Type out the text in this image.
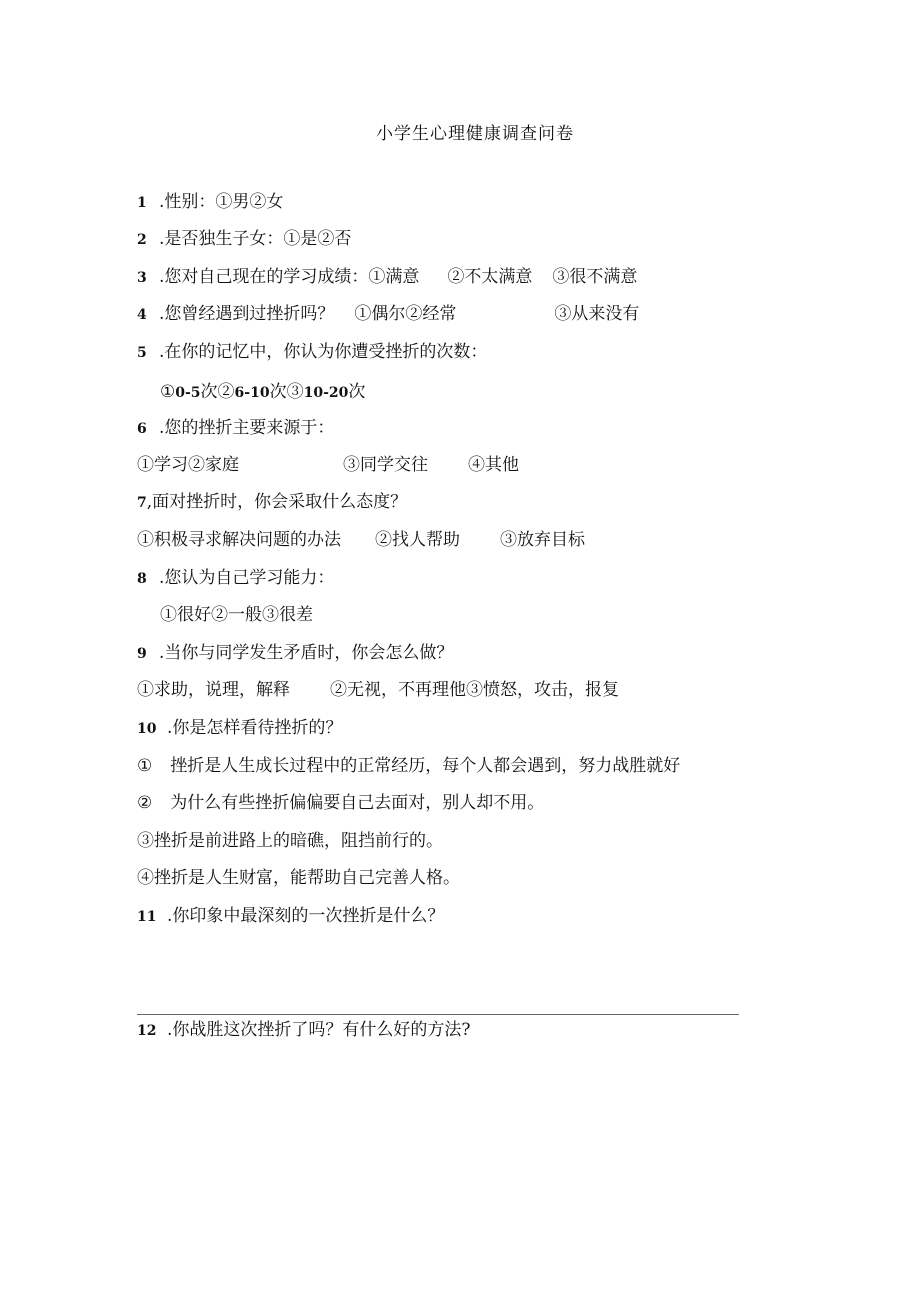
小学生心理健康调查问卷
1 .性别：①男②女
2 .是否独生子女：①是②否
3 .您对自己现在的学习成绩：①满意 ②不太满意 ③很不满意
4 .您曾经遇到过挫折吗？ ①偶尔②经常	③从来没有
5 .在你的记忆中，你认为你遭受挫折的次数：
①0-5次②6-10次③10-20次
6 .您的挫折主要来源于：
①学习②家庭	③同学交往 ④其他
7,面对挫折时，你会采取什么态度？
①积极寻求解决问题的办法 ②找人帮助 ③放弃目标
8 .您认为自己学习能力：
①很好②一般③很差
9 .当你与同学发生矛盾时，你会怎么做？
①求助，说理，解释 ②无视，不再理他③愤怒，攻击，报复
10 .你是怎样看待挫折的？
① 挫折是人生成长过程中的正常经历，每个人都会遇到，努力战胜就好
② 为什么有些挫折偏偏要自己去面对，别人却不用。
③挫折是前进路上的暗礁，阻挡前行的。
④挫折是人生财富，能帮助自己完善人格。
11 .你印象中最深刻的一次挫折是什么？
12 .你战胜这次挫折了吗？有什么好的方法?
